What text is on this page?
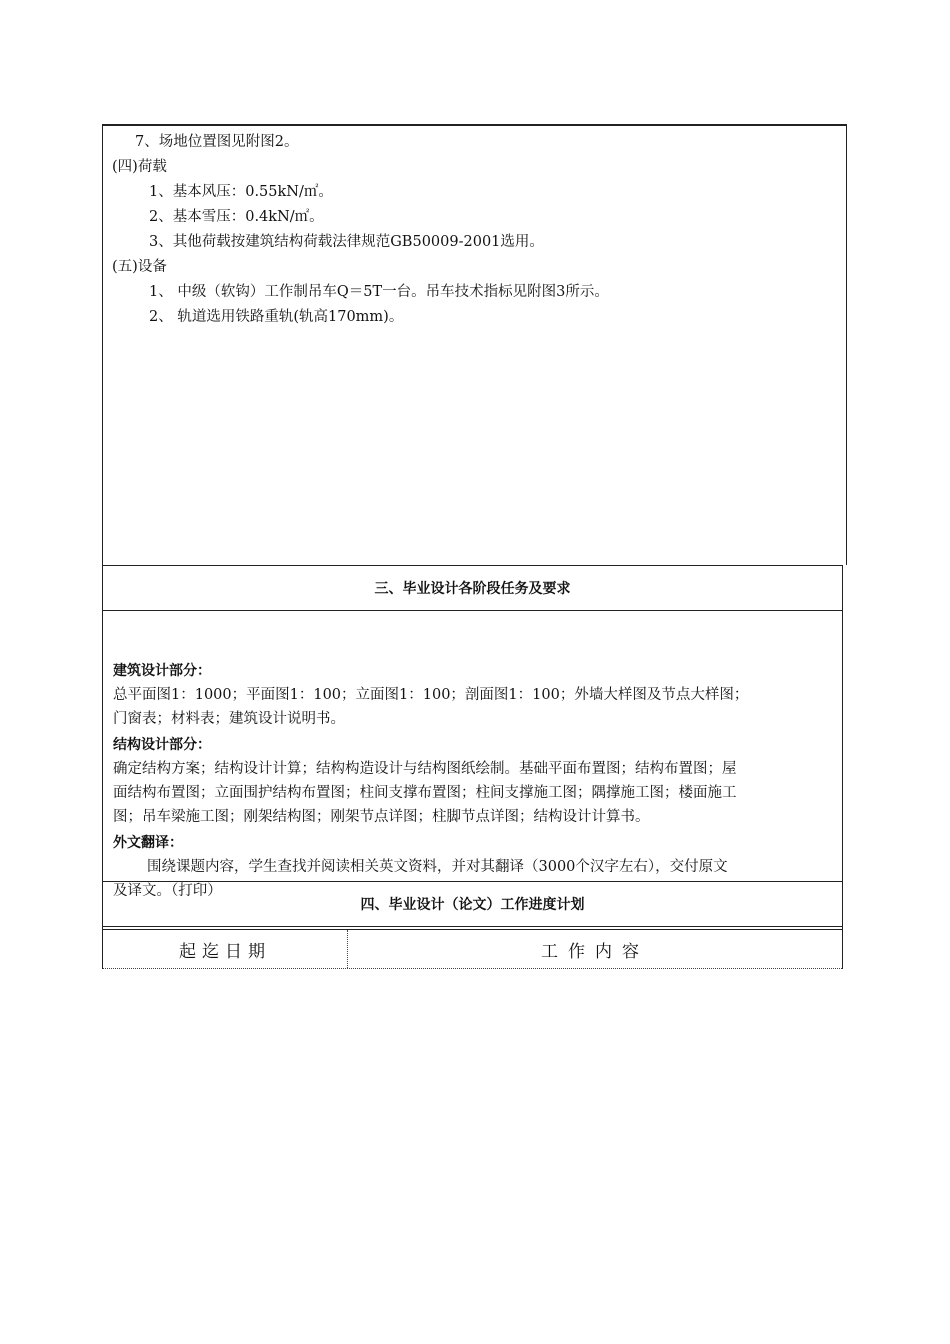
7、场地位置图见附图2。
(四)荷载
1、基本风压：0.55kN/㎡。
2、基本雪压：0.4kN/㎡。
3、其他荷载按建筑结构荷载法律规范GB50009-2001选用。
(五)设备
1、 中级（软钩）工作制吊车Q＝5T一台。吊车技术指标见附图3所示。
2、 轨道选用铁路重轨(轨高170mm)。
三、毕业设计各阶段任务及要求
建筑设计部分：
总平面图1：1000；平面图1：100；立面图1：100；剖面图1：100；外墙大样图及节点大样图；
门窗表；材料表；建筑设计说明书。
结构设计部分：
确定结构方案；结构设计计算；结构构造设计与结构图纸绘制。基础平面布置图；结构布置图；屋
面结构布置图；立面围护结构布置图；柱间支撑布置图；柱间支撑施工图；隅撑施工图；楼面施工
图；吊车梁施工图；刚架结构图；刚架节点详图；柱脚节点详图；结构设计计算书。
外文翻译：
围绕课题内容，学生查找并阅读相关英文资料，并对其翻译（3000个汉字左右），交付原文
及译文。（打印）
四、毕业设计（论文）工作进度计划
起迄日期	工作内容
